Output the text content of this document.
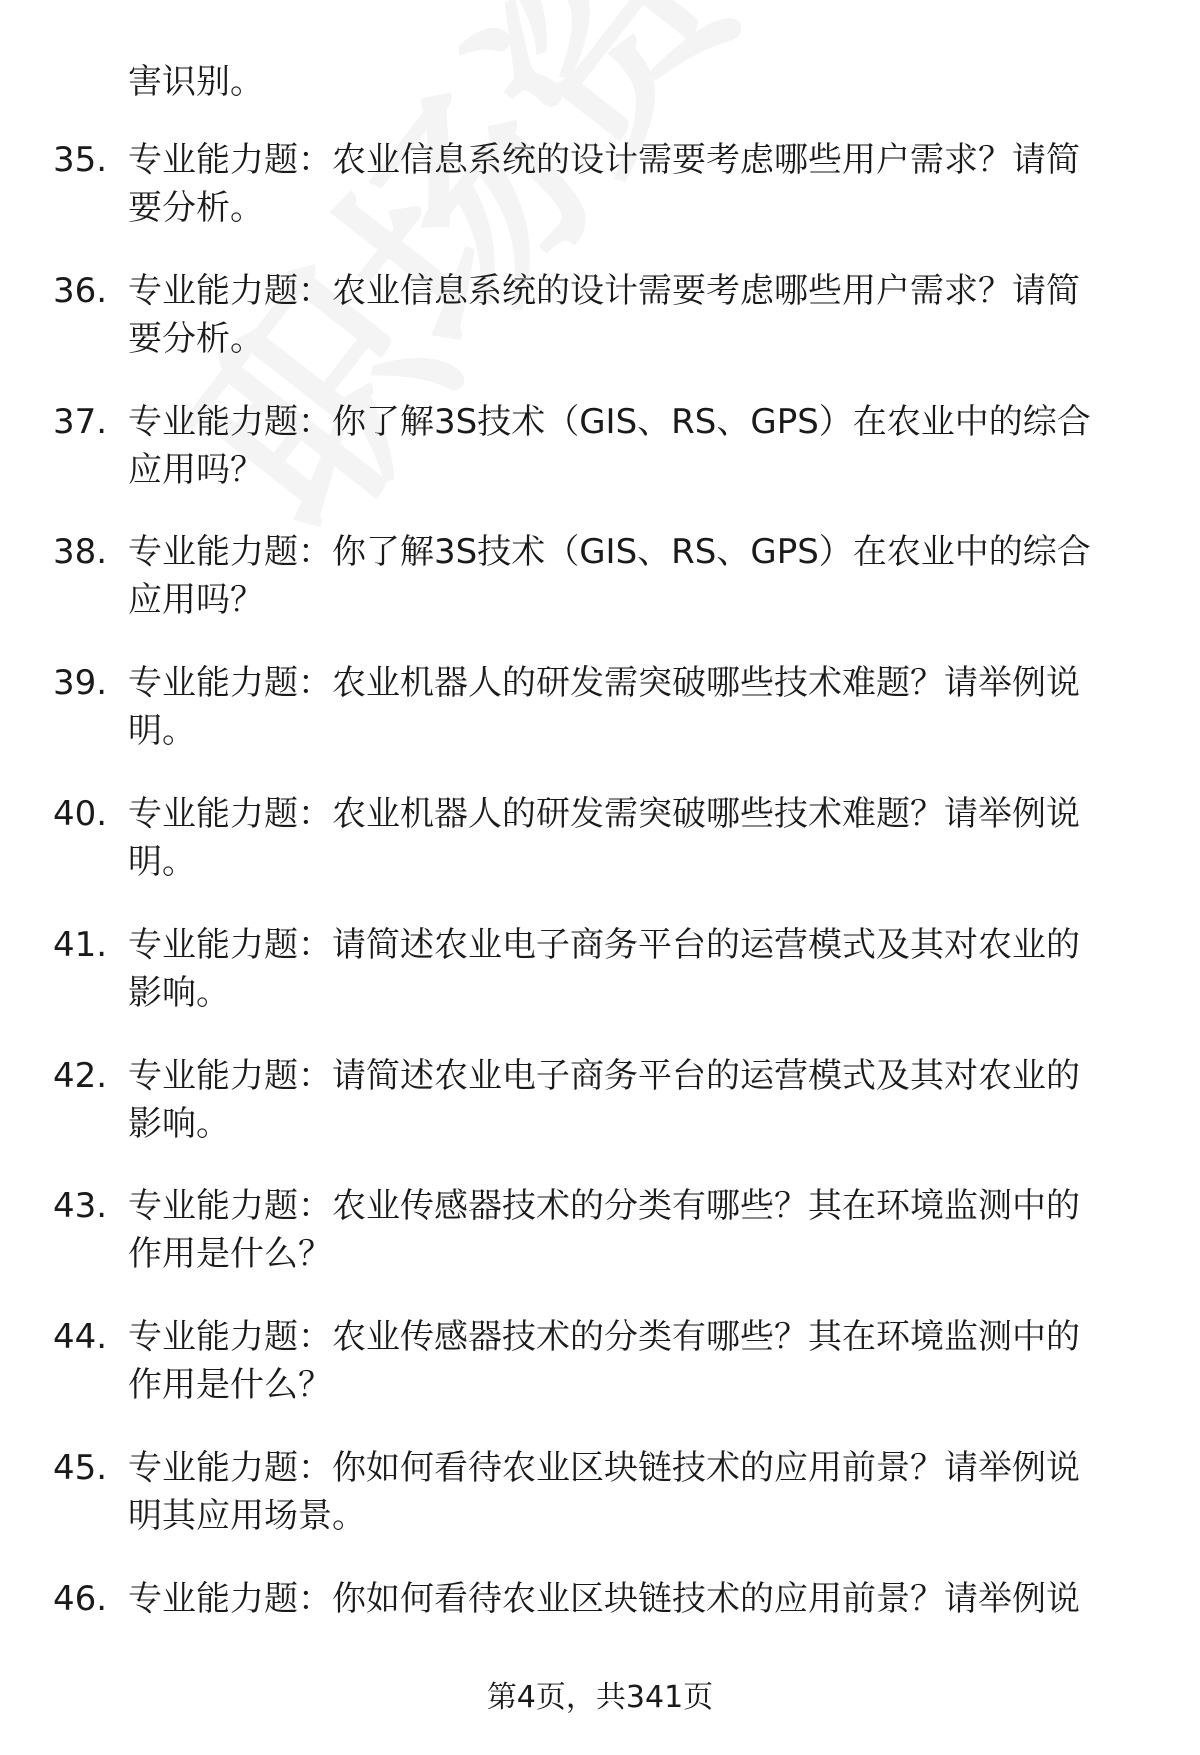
害识别。
35. 专业能力题：农业信息系统的设计需要考虑哪些用户需求？请简
要分析。
36. 专业能力题：农业信息系统的设计需要考虑哪些用户需求？请简
要分析。
37. 专业能力题：你了解3S技术（GIS、RS、GPS）在农业中的综合
应用吗？
38. 专业能力题：你了解3S技术（GIS、RS、GPS）在农业中的综合
应用吗？
39. 专业能力题：农业机器人的研发需突破哪些技术难题？请举例说
明。
40. 专业能力题：农业机器人的研发需突破哪些技术难题？请举例说
明。
41. 专业能力题：请简述农业电子商务平台的运营模式及其对农业的
影响。
42. 专业能力题：请简述农业电子商务平台的运营模式及其对农业的
影响。
43. 专业能力题：农业传感器技术的分类有哪些？其在环境监测中的
作用是什么？
44. 专业能力题：农业传感器技术的分类有哪些？其在环境监测中的
作用是什么？
45. 专业能力题：你如何看待农业区块链技术的应用前景？请举例说
明其应用场景。
46. 专业能力题：你如何看待农业区块链技术的应用前景？请举例说
第4页，共341页
